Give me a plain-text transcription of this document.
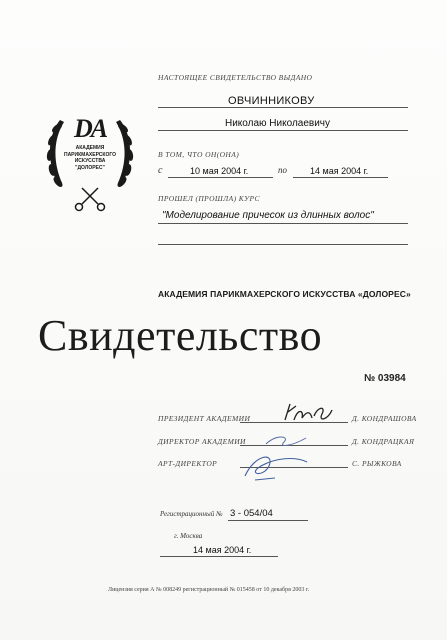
DA
АКАДЕМИЯ
ПАРИКМАХЕРСКОГО
ИСКУССТВА
"ДОЛОРЕС"
НАСТОЯЩЕЕ СВИДЕТЕЛЬСТВО ВЫДАНО
ОВЧИННИКОВУ
Николаю Николаевичу
В ТОМ, ЧТО ОН(ОНА)
с	10 мая 2004 г.	по	14 мая 2004 г.
ПРОШЕЛ (ПРОШЛА) КУРС
"Моделирование причесок из длинных волос"
АКАДЕМИЯ ПАРИКМАХЕРСКОГО ИСКУССТВА «ДОЛОРЕС»
Свидетельство
№ 03984
ПРЕЗИДЕНТ АКАДЕМИИ	Д. КОНДРАШОВА
ДИРЕКТОР АКАДЕМИИ	Д. КОНДРАЦКАЯ
АРТ-ДИРЕКТОР	С. РЫЖКОВА
Регистрационный № 3 - 054/04
г. Москва
14 мая 2004 г.
Лицензия серия А № 008249 регистрационный № 015458 от 10 декабря 2003 г.
